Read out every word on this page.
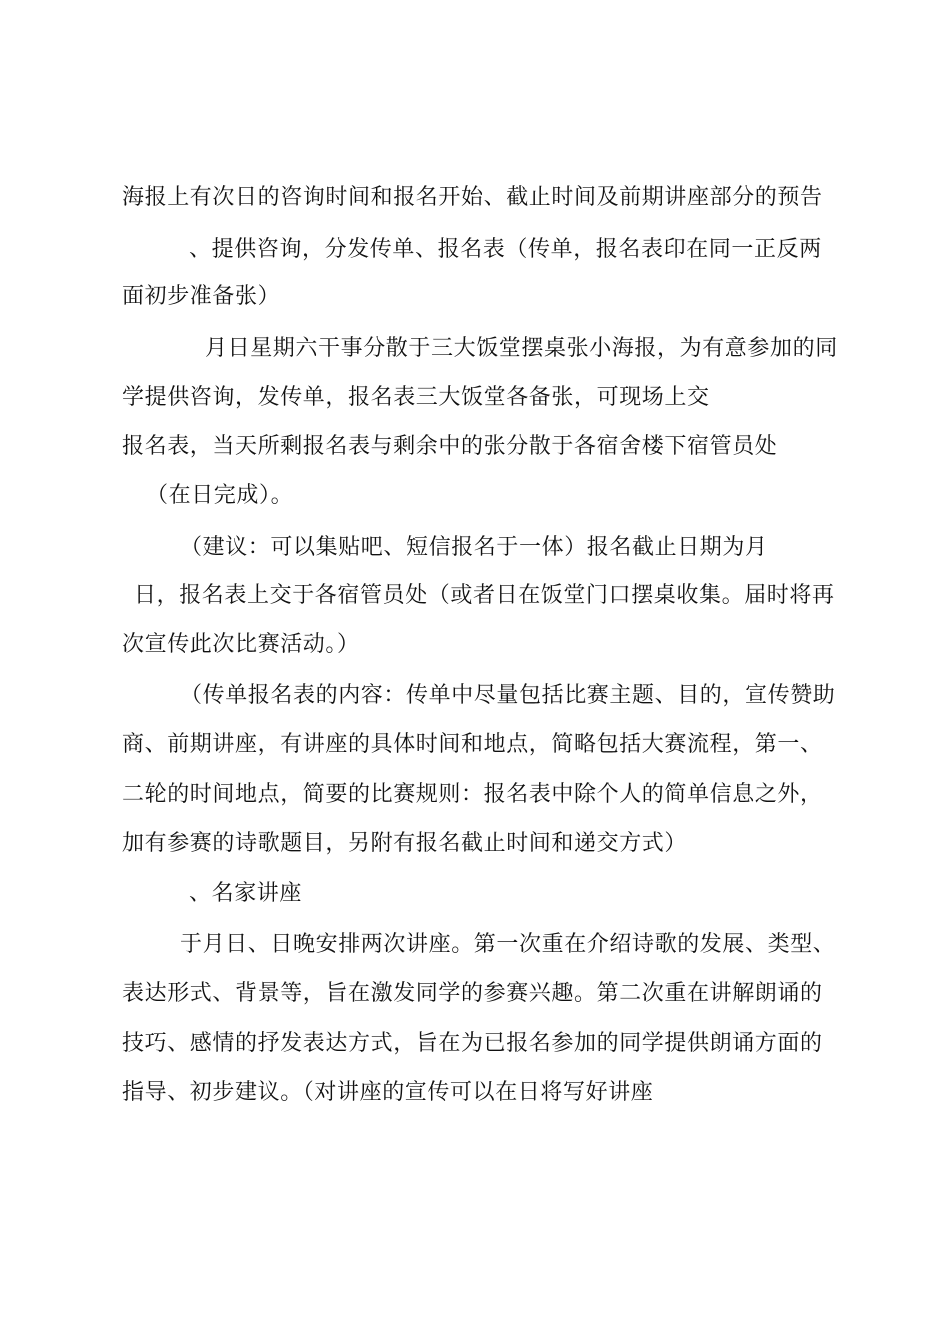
海报上有次日的咨询时间和报名开始、截止时间及前期讲座部分的预告
、提供咨询，分发传单、报名表（传单，报名表印在同一正反两
面初步准备张）
月日星期六干事分散于三大饭堂摆桌张小海报，为有意参加的同
学提供咨询，发传单，报名表三大饭堂各备张，可现场上交
报名表，当天所剩报名表与剩余中的张分散于各宿舍楼下宿管员处
（在日完成）。
（建议：可以集贴吧、短信报名于一体）报名截止日期为月
日，报名表上交于各宿管员处（或者日在饭堂门口摆桌收集。届时将再
次宣传此次比赛活动。）
（传单报名表的内容：传单中尽量包括比赛主题、目的，宣传赞助
商、前期讲座，有讲座的具体时间和地点，简略包括大赛流程，第一、
二轮的时间地点，简要的比赛规则：报名表中除个人的简单信息之外，
加有参赛的诗歌题目，另附有报名截止时间和递交方式）
、名家讲座
于月日、日晚安排两次讲座。第一次重在介绍诗歌的发展、类型、
表达形式、背景等，旨在激发同学的参赛兴趣。第二次重在讲解朗诵的
技巧、感情的抒发表达方式，旨在为已报名参加的同学提供朗诵方面的
指导、初步建议。（对讲座的宣传可以在日将写好讲座
